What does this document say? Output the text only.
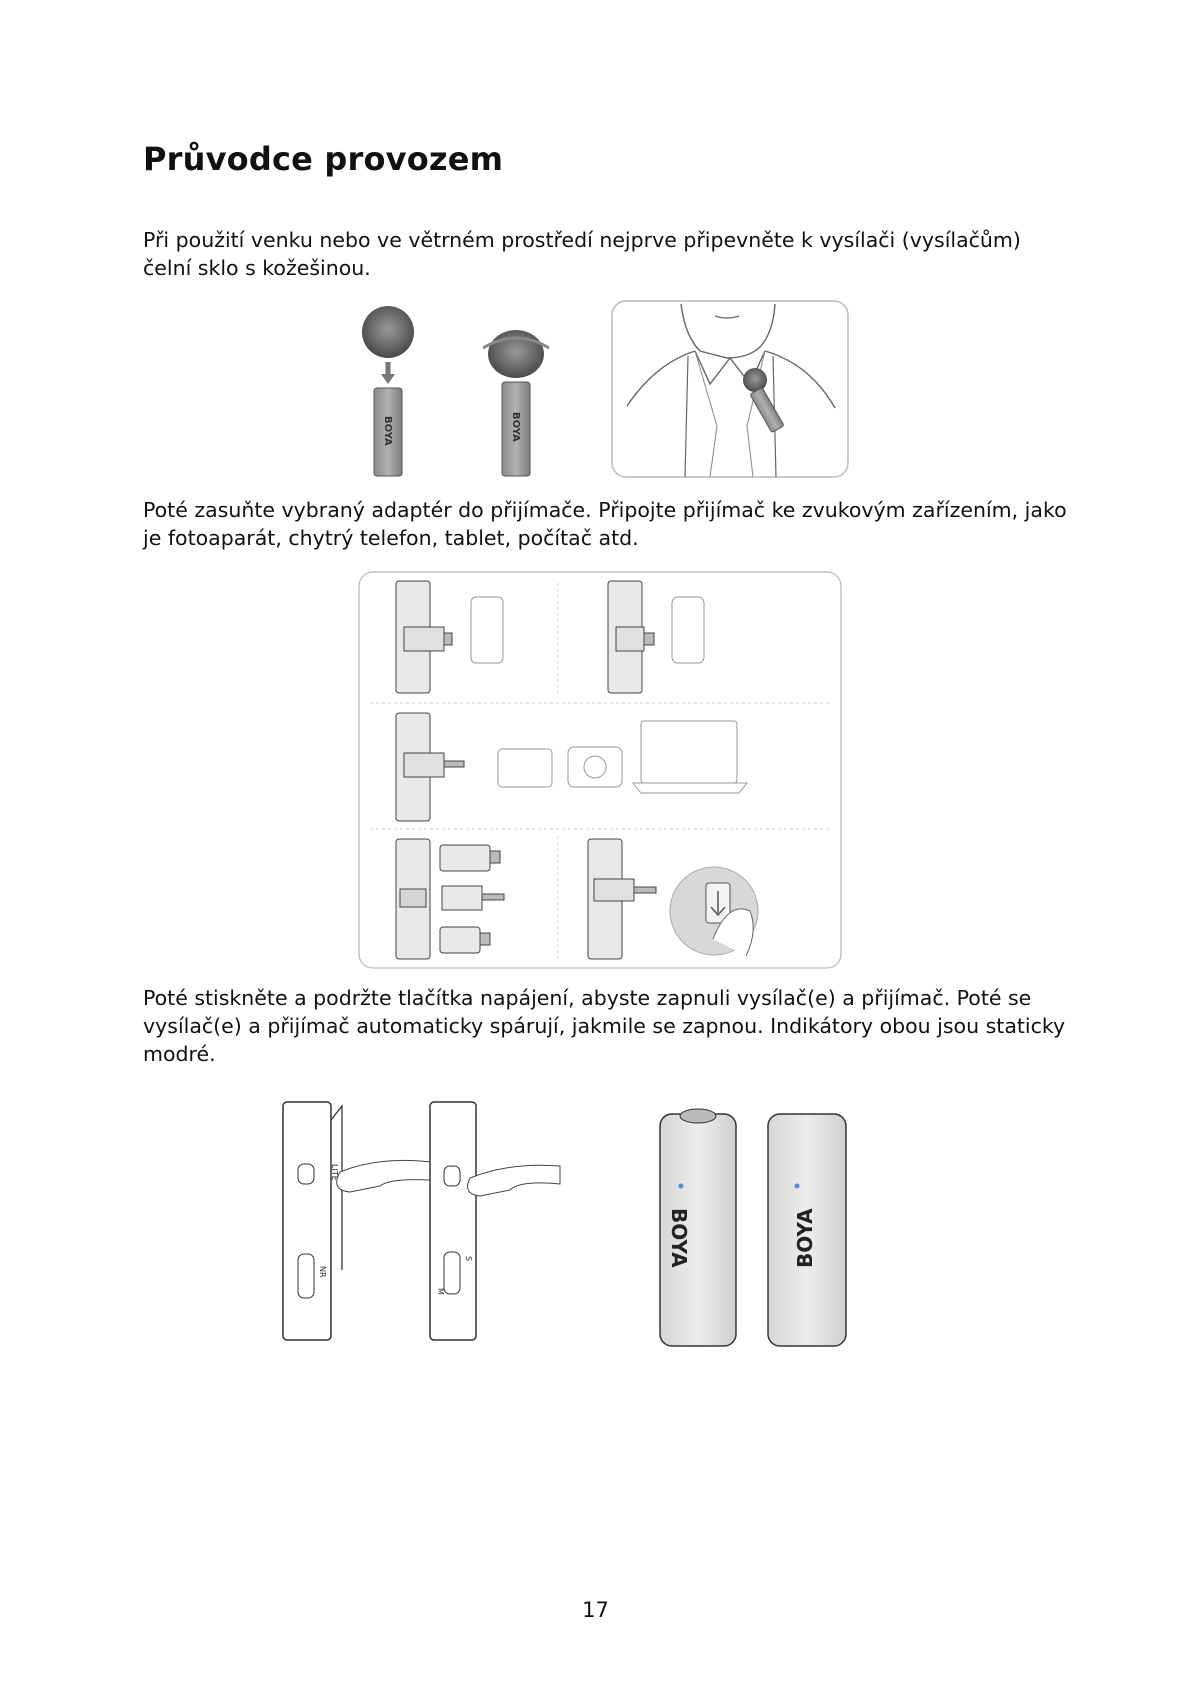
Průvodce provozem

Při použití venku nebo ve větrném prostředí nejprve připevněte k vysílači (vysílačům) čelní sklo s kožešinou.

BOYA	BOYA

Poté zasuňte vybraný adaptér do přijímače. Připojte přijímač ke zvukovým zařízením, jako je fotoaparát, chytrý telefon, tablet, počítač atd.

Poté stiskněte a podržte tlačítka napájení, abyste zapnuli vysílač(e) a přijímač. Poté se vysílač(e) a přijímač automaticky spárují, jakmile se zapnou. Indikátory obou jsou staticky modré.

LITE
NR
S
M
BOYA	BOYA

17
